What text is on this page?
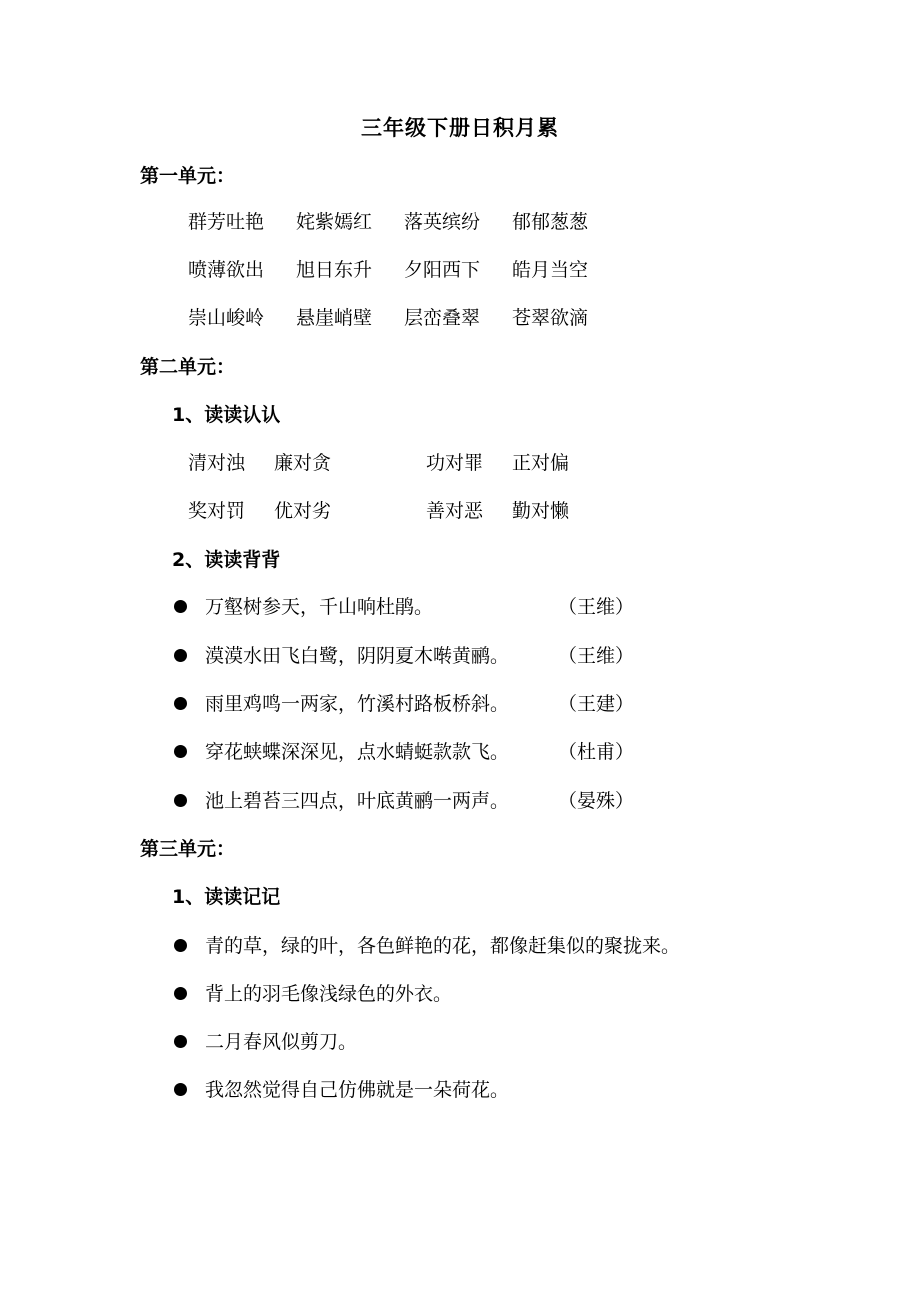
三年级下册日积月累
第一单元：
群芳吐艳 姹紫嫣红 落英缤纷 郁郁葱葱
喷薄欲出 旭日东升 夕阳西下 皓月当空
崇山峻岭 悬崖峭壁 层峦叠翠 苍翠欲滴
第二单元：
1、读读认认
清对浊 廉对贪	功对罪 正对偏
奖对罚 优对劣	善对恶 勤对懒
2、读读背背
万壑树参天，千山响杜鹃。	（王维）
漠漠水田飞白鹭，阴阴夏木啭黄鹂。	（王维）
雨里鸡鸣一两家，竹溪村路板桥斜。	（王建）
穿花蛱蝶深深见，点水蜻蜓款款飞。	（杜甫）
池上碧苔三四点，叶底黄鹂一两声。	（晏殊）
第三单元：
1、读读记记
青的草，绿的叶，各色鲜艳的花，都像赶集似的聚拢来。
背上的羽毛像浅绿色的外衣。
二月春风似剪刀。
我忽然觉得自己仿佛就是一朵荷花。
